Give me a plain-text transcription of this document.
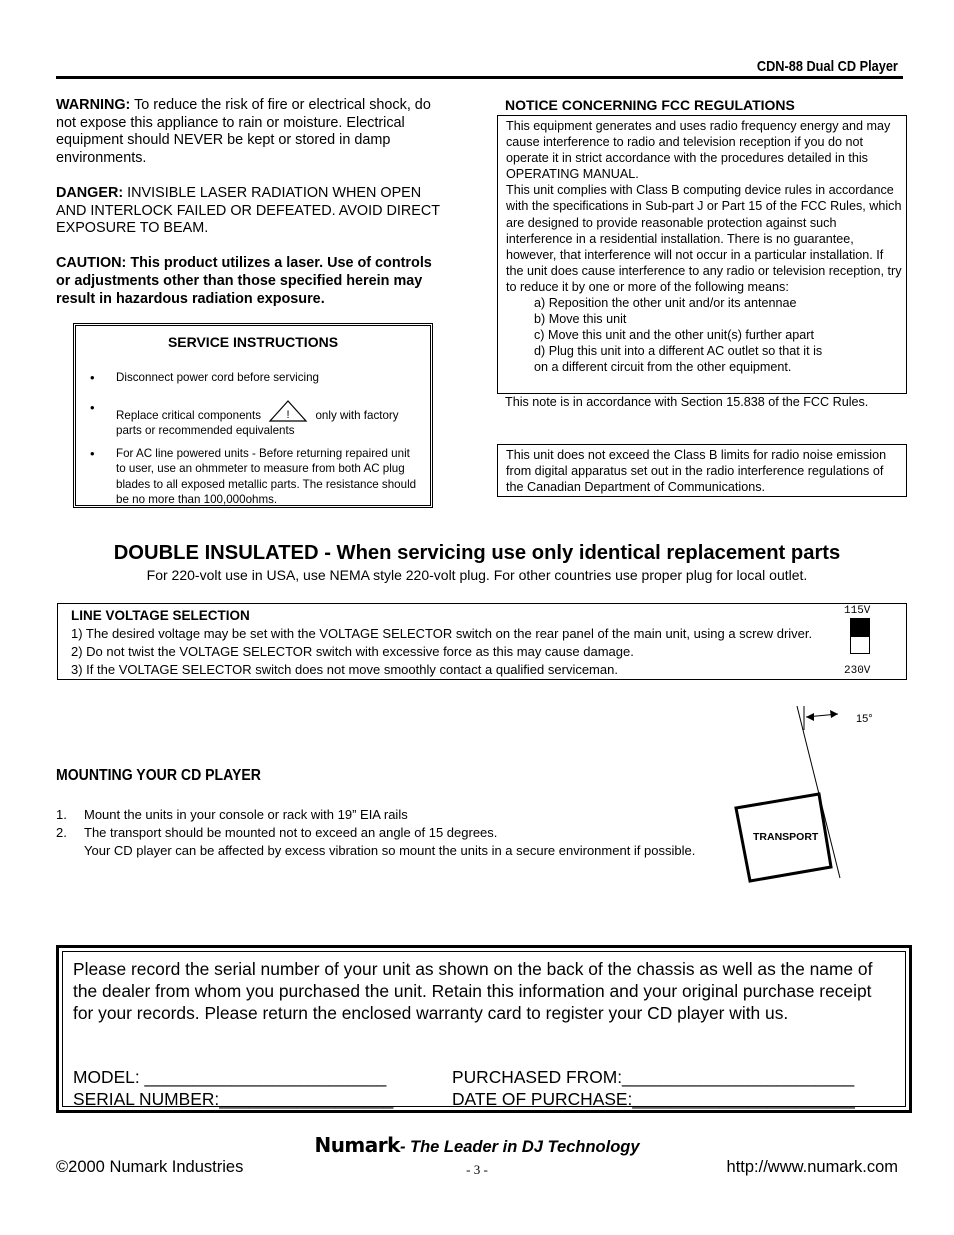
CDN-88 Dual CD Player

WARNING: To reduce the risk of fire or electrical shock, do not expose this appliance to rain or moisture. Electrical equipment should NEVER be kept or stored in damp environments.

DANGER: INVISIBLE LASER RADIATION WHEN OPEN AND INTERLOCK FAILED OR DEFEATED. AVOID DIRECT EXPOSURE TO BEAM.

CAUTION: This product utilizes a laser. Use of controls or adjustments other than those specified herein may result in hazardous radiation exposure.

SERVICE INSTRUCTIONS
• Disconnect power cord before servicing
• Replace critical components ! only with factory
parts or recommended equivalents
• For AC line powered units - Before returning repaired unit to user, use an ohmmeter to measure from both AC plug blades to all exposed metallic parts. The resistance should be no more than 100,000ohms.
NOTICE CONCERNING FCC REGULATIONS
This equipment generates and uses radio frequency energy and may cause interference to radio and television reception if you do not operate it in strict accordance with the procedures detailed in this OPERATING MANUAL.
This unit complies with Class B computing device rules in accordance with the specifications in Sub-part J or Part 15 of the FCC Rules, which are designed to provide reasonable protection against such interference in a residential installation. There is no guarantee, however, that interference will not occur in a particular installation. If the unit does cause interference to any radio or television reception, try to reduce it by one or more of the following means:
a) Reposition the other unit and/or its antennae
b) Move this unit
c) Move this unit and the other unit(s) further apart
d) Plug this unit into a different AC outlet so that it is
on a different circuit from the other equipment.
This note is in accordance with Section 15.838 of the FCC Rules.
This unit does not exceed the Class B limits for radio noise emission from digital apparatus set out in the radio interference regulations of the Canadian Department of Communications.
DOUBLE INSULATED - When servicing use only identical replacement parts
For 220-volt use in USA, use NEMA style 220-volt plug. For other countries use proper plug for local outlet.
LINE VOLTAGE SELECTION
1) The desired voltage may be set with the VOLTAGE SELECTOR switch on the rear panel of the main unit, using a screw driver.
2) Do not twist the VOLTAGE SELECTOR switch with excessive force as this may cause damage.
3) If the VOLTAGE SELECTOR switch does not move smoothly contact a qualified serviceman.
115V
230V
MOUNTING YOUR CD PLAYER
1.	Mount the units in your console or rack with 19” EIA rails
2.	The transport should be mounted not to exceed an angle of 15 degrees.
Your CD player can be affected by excess vibration so mount the units in a secure environment if possible.
15°
TRANSPORT
Please record the serial number of your unit as shown on the back of the chassis as well as the name of the dealer from whom you purchased the unit. Retain this information and your original purchase receipt for your records. Please return the enclosed warranty card to register your CD player with us.
MODEL: _________________________	PURCHASED FROM:________________________
SERIAL NUMBER:__________________	DATE OF PURCHASE:_______________________
Numark- The Leader in DJ Technology
©2000 Numark Industries	- 3 -	http://www.numark.com
